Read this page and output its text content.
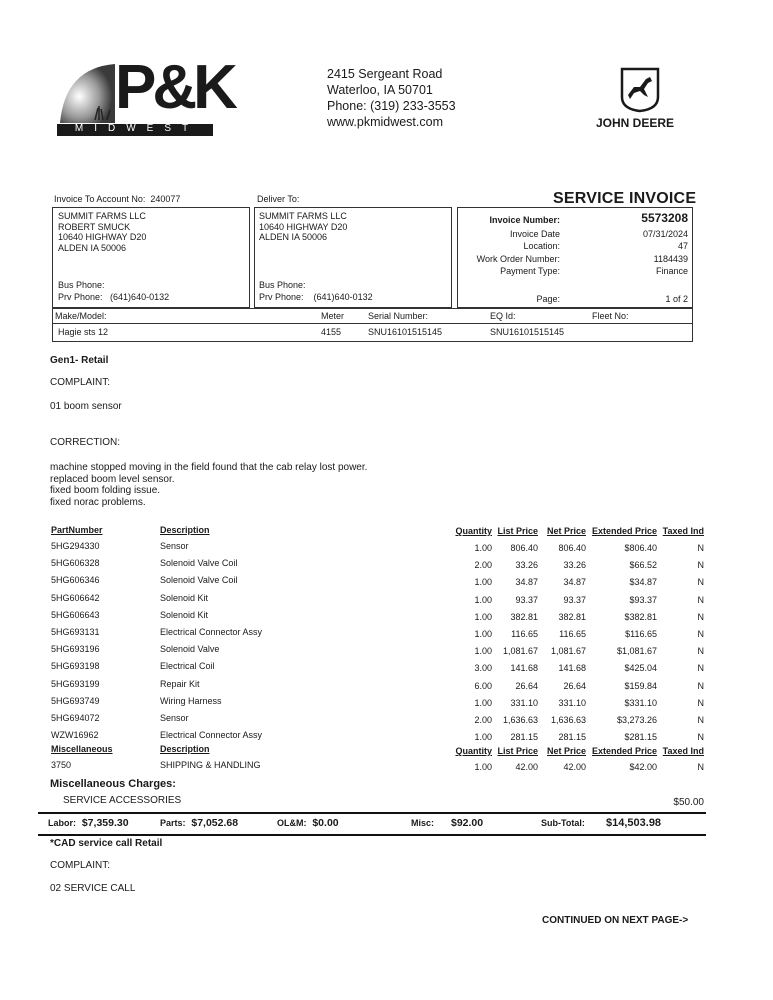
P&K
MIDWEST
2415 Sergeant Road
Waterloo, IA 50701
Phone: (319) 233-3553
www.pkmidwest.com	JOHN DEERE
Invoice To Account No: 240077	Deliver To:	SERVICE INVOICE
SUMMIT FARMS LLC
ROBERT SMUCK
10640 HIGHWAY D20
ALDEN IA 50006
Bus Phone:
Prv Phone: (641)640-0132
SUMMIT FARMS LLC
10640 HIGHWAY D20
ALDEN IA 50006
Bus Phone:
Prv Phone: (641)640-0132
Invoice Number:	5573208
Invoice Date	07/31/2024
Location:	47
Work Order Number:	1184439
Payment Type:	Finance
Page:	1 of 2
Make/Model:	Meter	Serial Number:	EQ Id:	Fleet No:
Hagie sts 12	4155	SNU16101515145	SNU16101515145
Gen1- Retail
COMPLAINT:
01 boom sensor
CORRECTION:
machine stopped moving in the field found that the cab relay lost power.
replaced boom level sensor.
fixed boom folding issue.
fixed norac problems.
PartNumber	Description	Quantity List Price Net Price Extended Price Taxed Ind
5HG294330	Sensor	1.00	806.40	806.40	$806.40	N
5HG606328	Solenoid Valve Coil	2.00	33.26	33.26	$66.52	N
5HG606346	Solenoid Valve Coil	1.00	34.87	34.87	$34.87	N
5HG606642	Solenoid Kit	1.00	93.37	93.37	$93.37	N
5HG606643	Solenoid Kit	1.00	382.81	382.81	$382.81	N
5HG693131	Electrical Connector Assy	1.00	116.65	116.65	$116.65	N
5HG693196	Solenoid Valve	1.00	1,081.67	1,081.67	$1,081.67	N
5HG693198	Electrical Coil	3.00	141.68	141.68	$425.04	N
5HG693199	Repair Kit	6.00	26.64	26.64	$159.84	N
5HG693749	Wiring Harness	1.00	331.10	331.10	$331.10	N
5HG694072	Sensor	2.00	1,636.63	1,636.63	$3,273.26	N
WZW16962	Electrical Connector Assy	1.00	281.15	281.15	$281.15	N
Miscellaneous	Description	Quantity List Price Net Price Extended Price Taxed Ind
3750	SHIPPING & HANDLING	1.00	42.00	42.00	$42.00	N
Miscellaneous Charges:
SERVICE ACCESSORIES	$50.00
Labor: $7,359.30	Parts: $7,052.68	OL&M: $0.00	Misc: $92.00	Sub-Total: $14,503.98
*CAD service call Retail
COMPLAINT:
02 SERVICE CALL
CONTINUED ON NEXT PAGE->
